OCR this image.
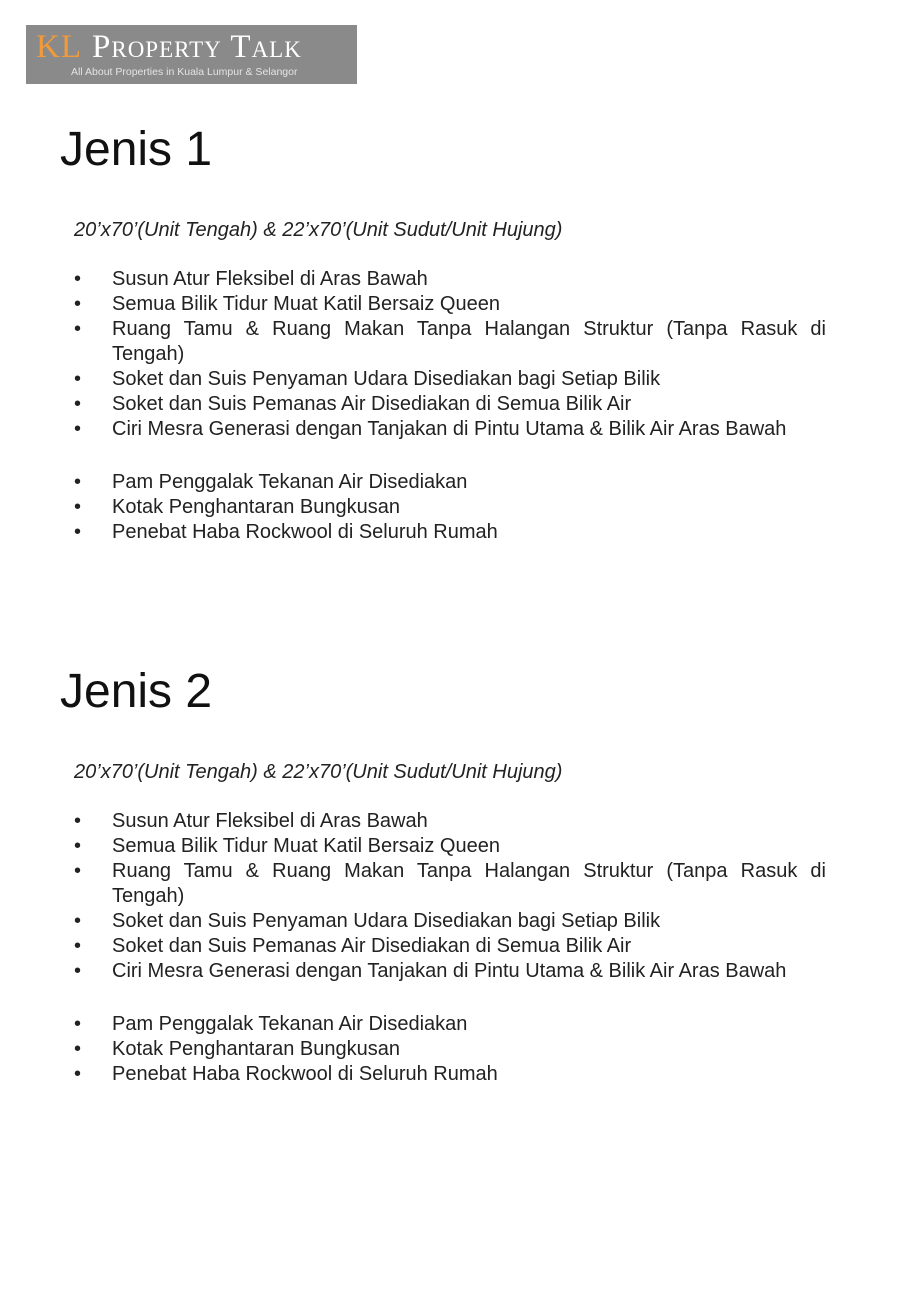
KL Property Talk
All About Properties in Kuala Lumpur & Selangor
Jenis 1
20’x70’(Unit Tengah) & 22’x70’(Unit Sudut/Unit Hujung)
• Susun Atur Fleksibel di Aras Bawah
• Semua Bilik Tidur Muat Katil Bersaiz Queen
• Ruang Tamu & Ruang Makan Tanpa Halangan Struktur (Tanpa Rasuk di Tengah)
• Soket dan Suis Penyaman Udara Disediakan bagi Setiap Bilik
• Soket dan Suis Pemanas Air Disediakan di Semua Bilik Air
• Ciri Mesra Generasi dengan Tanjakan di Pintu Utama & Bilik Air Aras Bawah
• Pam Penggalak Tekanan Air Disediakan
• Kotak Penghantaran Bungkusan
• Penebat Haba Rockwool di Seluruh Rumah
Jenis 2
20’x70’(Unit Tengah) & 22’x70’(Unit Sudut/Unit Hujung)
• Susun Atur Fleksibel di Aras Bawah
• Semua Bilik Tidur Muat Katil Bersaiz Queen
• Ruang Tamu & Ruang Makan Tanpa Halangan Struktur (Tanpa Rasuk di Tengah)
• Soket dan Suis Penyaman Udara Disediakan bagi Setiap Bilik
• Soket dan Suis Pemanas Air Disediakan di Semua Bilik Air
• Ciri Mesra Generasi dengan Tanjakan di Pintu Utama & Bilik Air Aras Bawah
• Pam Penggalak Tekanan Air Disediakan
• Kotak Penghantaran Bungkusan
• Penebat Haba Rockwool di Seluruh Rumah
